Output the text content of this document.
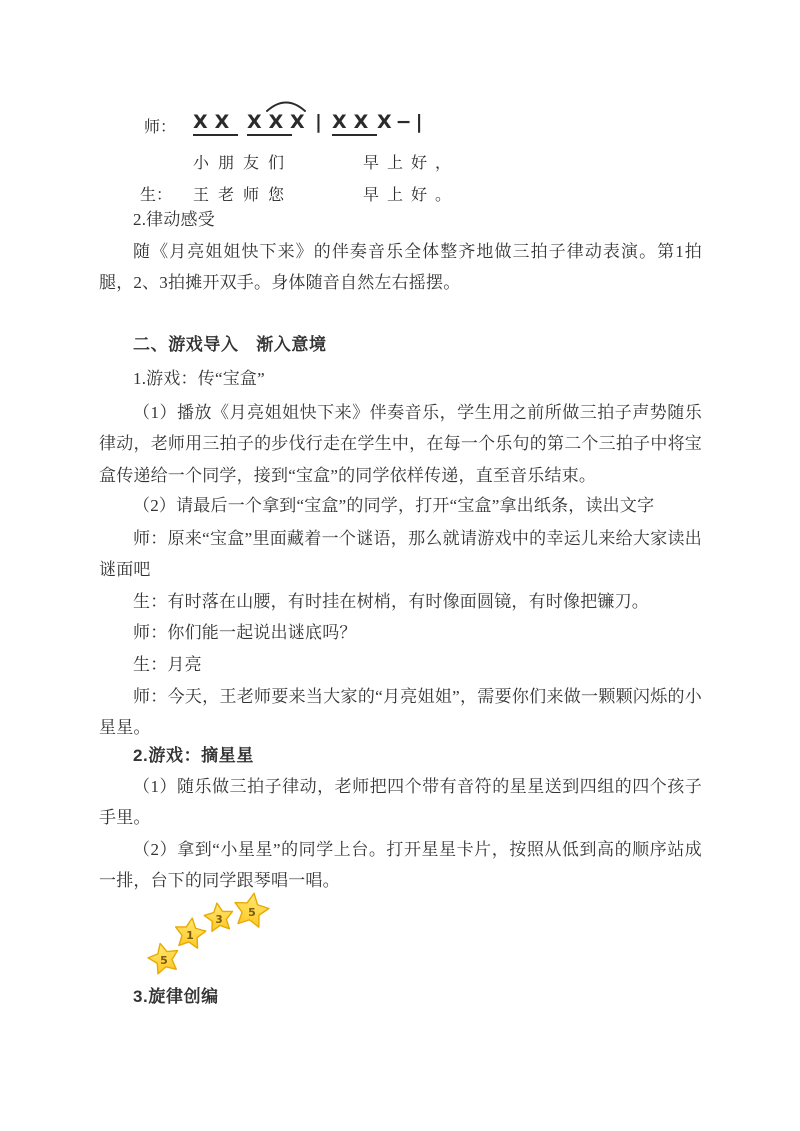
师： XX XX X | XX X−|
小朋友们	早上好，
生： 王老师您	早上好。

2.律动感受

随《月亮姐姐快下来》的伴奏音乐全体整齐地做三拍子律动表演。第1拍腿，2、3拍摊开双手。身体随音自然左右摇摆。

二、游戏导入　渐入意境

1.游戏：传“宝盒”

（1）播放《月亮姐姐快下来》伴奏音乐，学生用之前所做三拍子声势随乐律动，老师用三拍子的步伐行走在学生中，在每一个乐句的第二个三拍子中将宝盒传递给一个同学，接到“宝盒”的同学依样传递，直至音乐结束。

（2）请最后一个拿到“宝盒”的同学，打开“宝盒”拿出纸条，读出文字

师：原来“宝盒”里面藏着一个谜语，那么就请游戏中的幸运儿来给大家读出谜面吧

生：有时落在山腰，有时挂在树梢，有时像面圆镜，有时像把镰刀。

师：你们能一起说出谜底吗？

生：月亮

师：今天，王老师要来当大家的“月亮姐姐”，需要你们来做一颗颗闪烁的小星星。

2.游戏：摘星星

（1）随乐做三拍子律动，老师把四个带有音符的星星送到四组的四个孩子手里。

（2）拿到“小星星”的同学上台。打开星星卡片，按照从低到高的顺序站成一排，台下的同学跟琴唱一唱。

5
1
3
5

3.旋律创编
